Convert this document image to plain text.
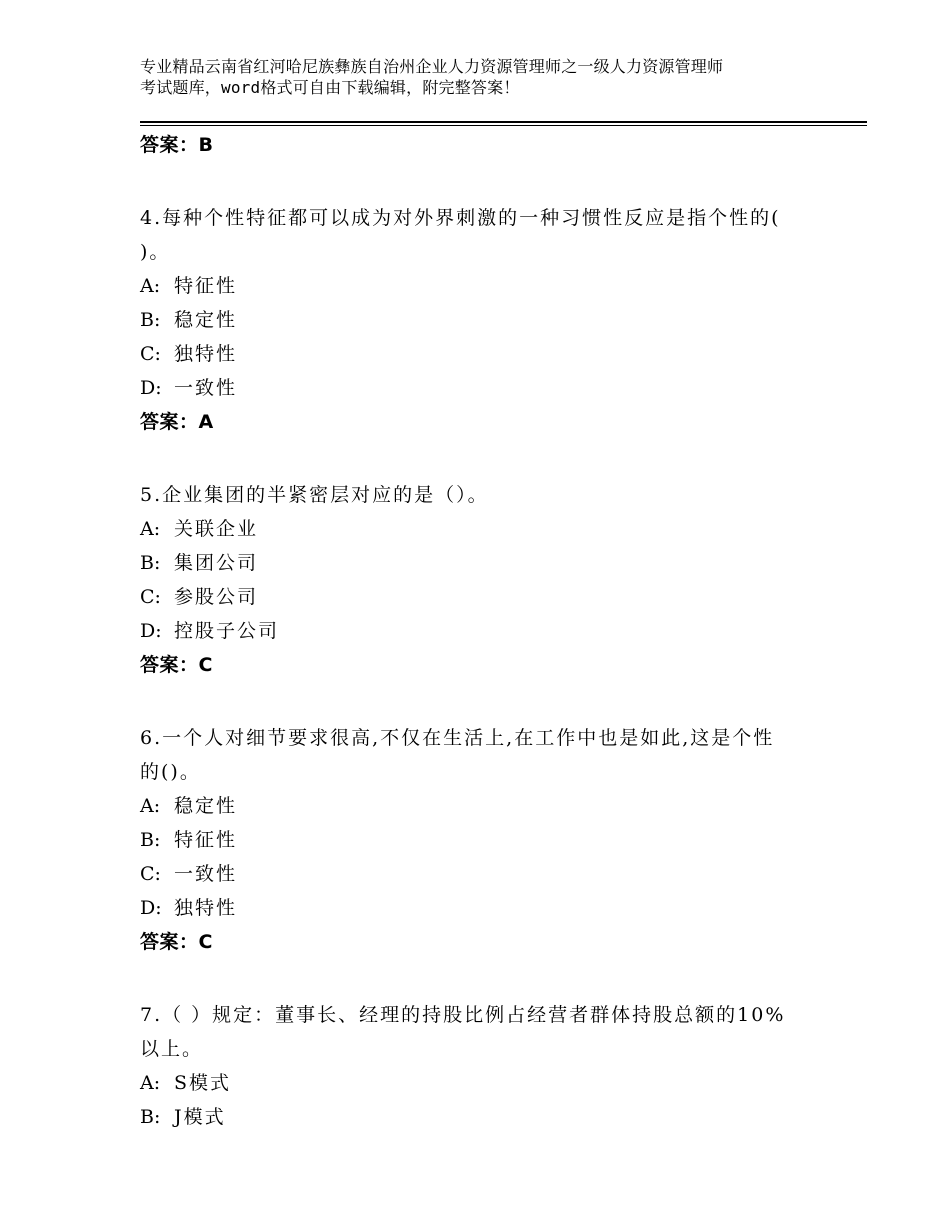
专业精品云南省红河哈尼族彝族自治州企业人力资源管理师之一级人力资源管理师
考试题库，word格式可自由下载编辑，附完整答案！
答案：B
4.每种个性特征都可以成为对外界刺激的一种习惯性反应是指个性的(
)。
A: 特征性
B: 稳定性
C: 独特性
D: 一致性
答案：A
5.企业集团的半紧密层对应的是（）。
A: 关联企业
B: 集团公司
C: 参股公司
D: 控股子公司
答案：C
6.一个人对细节要求很高,不仅在生活上,在工作中也是如此,这是个性
的()。
A: 稳定性
B: 特征性
C: 一致性
D: 独特性
答案：C
7.（ ）规定：董事长、经理的持股比例占经营者群体持股总额的10%
以上。
A: S模式
B: J模式
